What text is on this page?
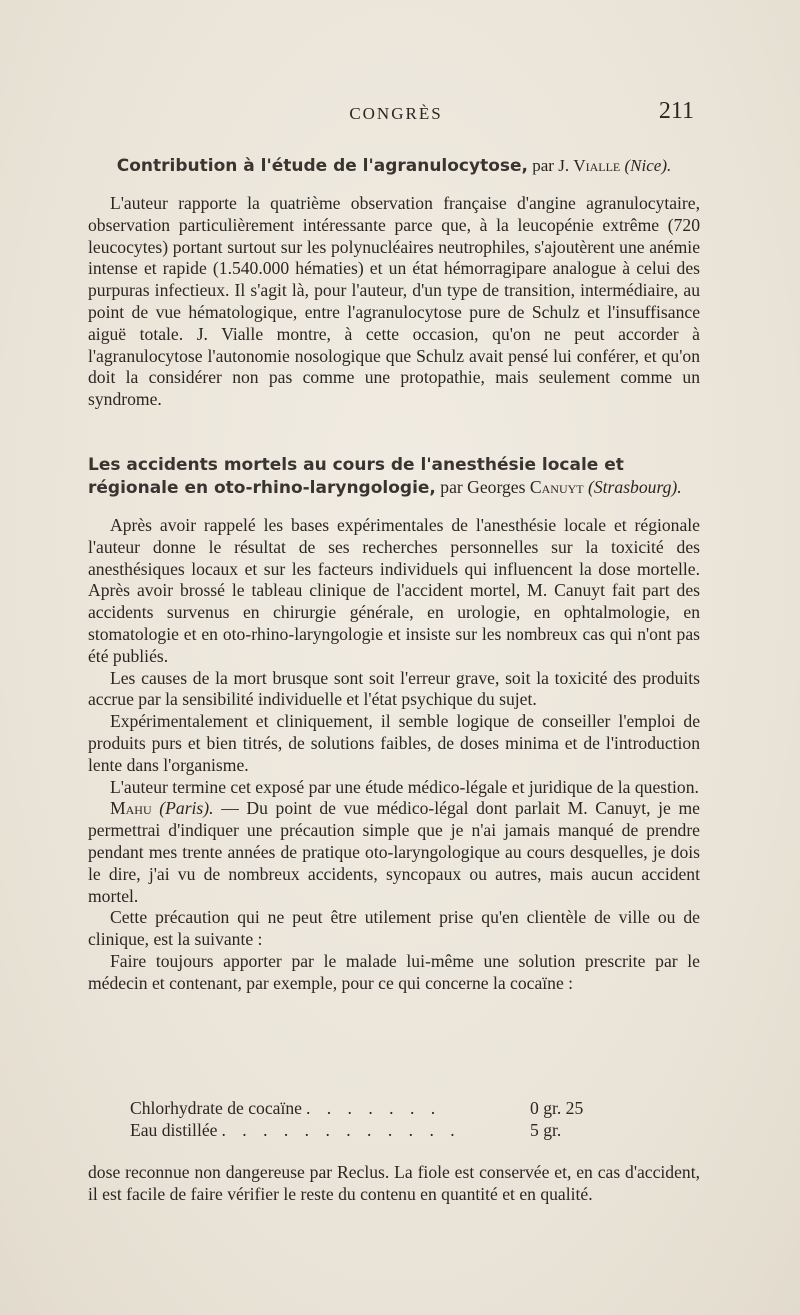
CONGRÈS	211
Contribution à l'étude de l'agranulocytose, par J. Vialle (Nice).

L'auteur rapporte la quatrième observation française d'angine agranulocytaire, observation particulièrement intéressante parce que, à la leucopénie extrême (720 leucocytes) portant surtout sur les polynucléaires neutrophiles, s'ajoutèrent une anémie intense et rapide (1.540.000 hématies) et un état hémorragipare analogue à celui des purpuras infectieux. Il s'agit là, pour l'auteur, d'un type de transition, intermédiaire, au point de vue hématologique, entre l'agranulocytose pure de Schulz et l'insuffisance aiguë totale. J. Vialle montre, à cette occasion, qu'on ne peut accorder à l'agranulocytose l'autonomie nosologique que Schulz avait pensé lui conférer, et qu'on doit la considérer non pas comme une protopathie, mais seulement comme un syndrome.

Les accidents mortels au cours de l'anesthésie locale et régionale en oto-rhino-laryngologie, par Georges Canuyt (Strasbourg).

Après avoir rappelé les bases expérimentales de l'anesthésie locale et régionale l'auteur donne le résultat de ses recherches personnelles sur la toxicité des anesthésiques locaux et sur les facteurs individuels qui influencent la dose mortelle. Après avoir brossé le tableau clinique de l'accident mortel, M. Canuyt fait part des accidents survenus en chirurgie générale, en urologie, en ophtalmologie, en stomatologie et en oto-rhino-laryngologie et insiste sur les nombreux cas qui n'ont pas été publiés.

Les causes de la mort brusque sont soit l'erreur grave, soit la toxicité des produits accrue par la sensibilité individuelle et l'état psychique du sujet.

Expérimentalement et cliniquement, il semble logique de conseiller l'emploi de produits purs et bien titrés, de solutions faibles, de doses minima et de l'introduction lente dans l'organisme.

L'auteur termine cet exposé par une étude médico-légale et juridique de la question.

Mahu (Paris). — Du point de vue médico-légal dont parlait M. Canuyt, je me permettrai d'indiquer une précaution simple que je n'ai jamais manqué de prendre pendant mes trente années de pratique oto-laryngologique au cours desquelles, je dois le dire, j'ai vu de nombreux accidents, syncopaux ou autres, mais aucun accident mortel.

Cette précaution qui ne peut être utilement prise qu'en clientèle de ville ou de clinique, est la suivante :

Faire toujours apporter par le malade lui-même une solution prescrite par le médecin et contenant, par exemple, pour ce qui concerne la cocaïne :

Chlorhydrate de cocaïne . . . . . . .	0 gr. 25
Eau distillée . . . . . . . . . . . .	5 gr.

dose reconnue non dangereuse par Reclus. La fiole est conservée et, en cas d'accident, il est facile de faire vérifier le reste du contenu en quantité et en qualité.
